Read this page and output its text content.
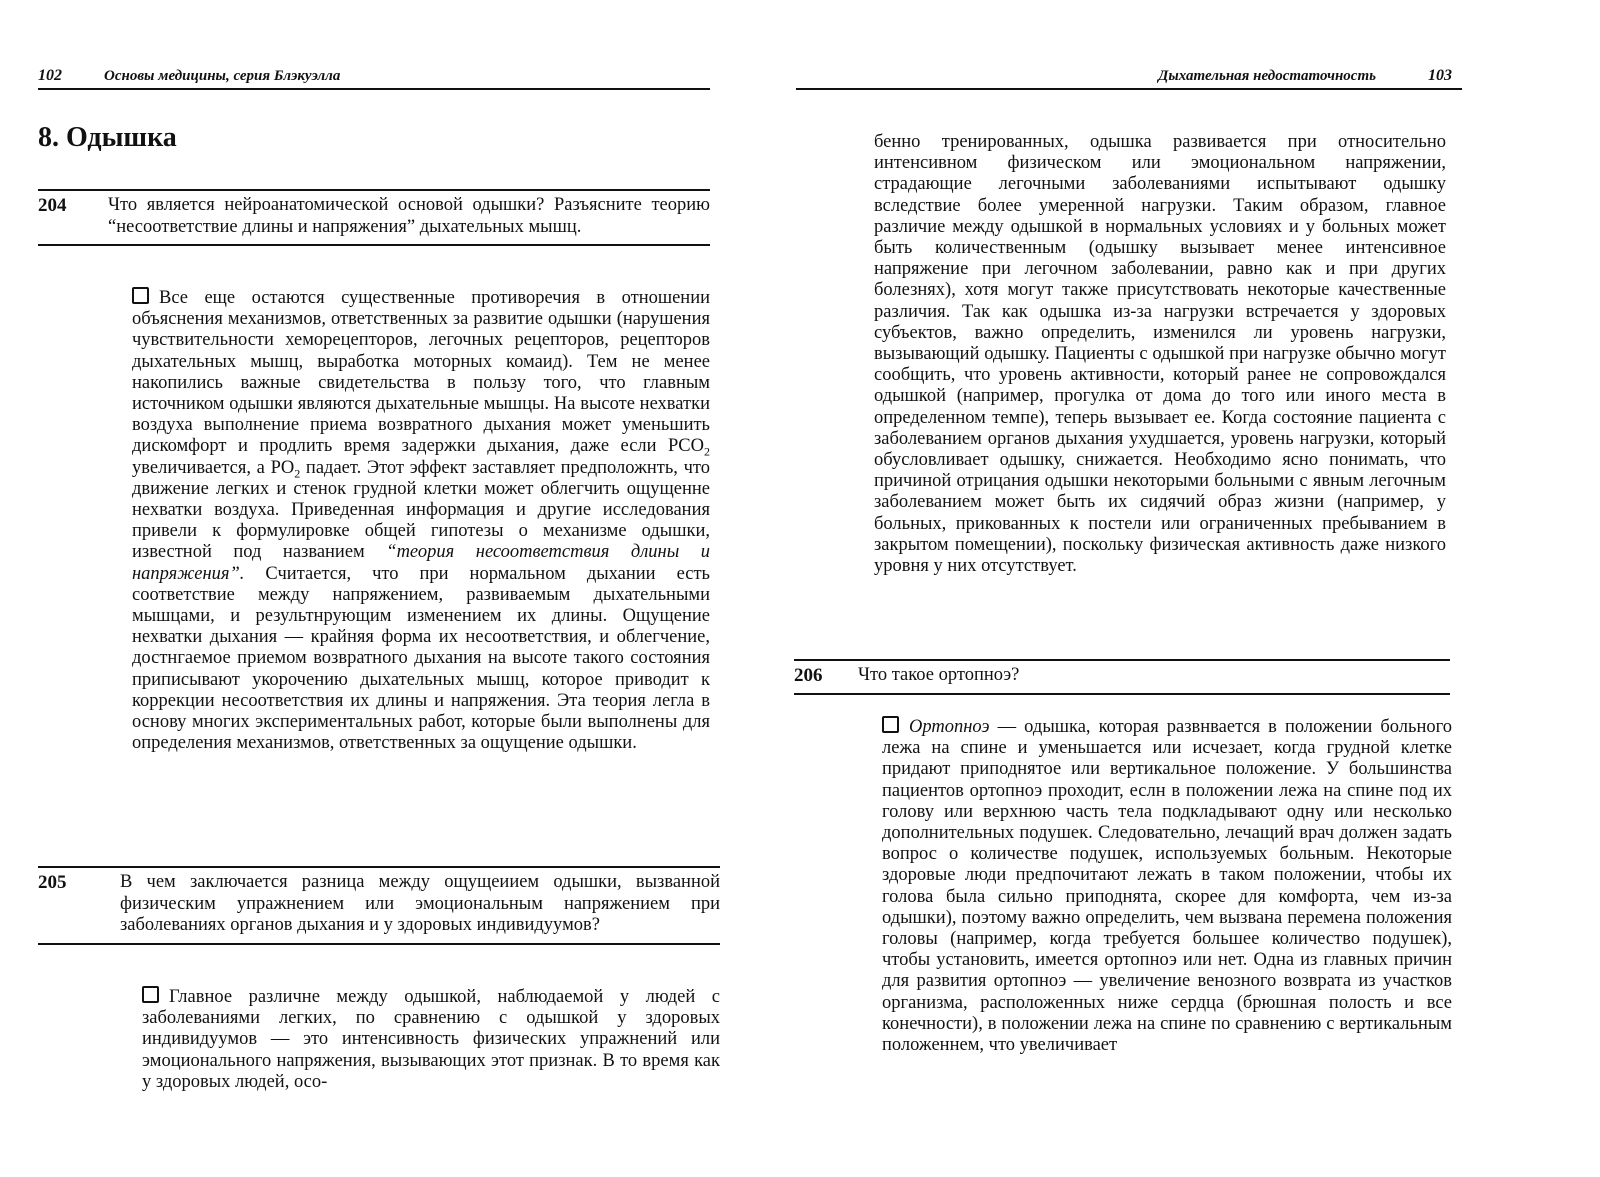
102	Основы медицины, серия Блэкуэлла
8. Одышка
204 Что является нейроанатомической основой одышки? Разъясните теорию “несоответствие длины и напряжения” дыхательных мышц.
Все еще остаются существенные противоречия в отношении объяснения механизмов, ответственных за развитие одышки (нарушения чувствительности хеморецепторов, легочных рецепторов, рецепторов дыхательных мышц, выработка моторных комаид). Тем не менее накопились важные свидетельства в пользу того, что главным источником одышки являются дыхательные мышцы. На высоте нехватки воздуха выполнение приема возвратного дыхания может уменьшить дискомфорт и продлить время задержки дыхания, даже если $PCO_2$ увеличивается, а $PO_2$ падает. Этот эффект заставляет предположнть, что движение легких и стенок грудной клетки может облегчить ощущенне нехватки воздуха. Приведенная информация и другие исследования привели к формулировке общей гипотезы о механизме одышки, известной под названием “теория несоответствия длины и напряжения”. Считается, что при нормальном дыхании есть соответствие между напряжением, развиваемым дыхательными мышцами, и результнрующим изменением их длины. Ощущение нехватки дыхания — крайняя форма их несоответствия, и облегчение, достнгаемое приемом возвратного дыхания на высоте такого состояния приписывают укорочению дыхательных мышц, которое приводит к коррекции несоответствия их длины и напряжения. Эта теория легла в основу многих экспериментальных работ, которые были выполнены для определения механизмов, ответственных за ощущение одышки.
205	В чем заключается разница между ощущеиием одышки, вызванной физическим упражнением или эмоциональным напряжением при заболеваниях органов дыхания и у здоровых индивидуумов?
Главное различне между одышкой, наблюдаемой у людей с заболеваниями легких, по сравнению с одышкой у здоровых индивидуумов — это интенсивность физических упражнений или эмоционального напряжения, вызывающих этот признак. В то время как у здоровых людей, осо-
Дыхательная недостаточность	103
бенно тренированных, одышка развивается при относительно интенсивном физическом или эмоциональном напряжении, страдающие легочными заболеваниями испытывают одышку вследствие более умеренной нагрузки. Таким образом, главное различие между одышкой в нормальных условиях и у больных может быть количественным (одышку вызывает менее интенсивное напряжение при легочном заболевании, равно как и при других болезнях), хотя могут также присутствовать некоторые качественные различия. Так как одышка из-за нагрузки встречается у здоровых субъектов, важно определить, изменился ли уровень нагрузки, вызывающий одышку. Пациенты с одышкой при нагрузке обычно могут сообщить, что уровень активности, который ранее не сопровождался одышкой (например, прогулка от дома до того или иного места в определенном темпе), теперь вызывает ее. Когда состояние пациента с заболеванием органов дыхания ухудшается, уровень нагрузки, который обусловливает одышку, снижается. Необходимо ясно понимать, что причиной отрицания одышки некоторыми больными с явным легочным заболеванием может быть их сидячий образ жизни (например, у больных, прикованных к постели или ограниченных пребыванием в закрытом помещении), поскольку физическая активность даже низкого уровня у них отсутствует.
206 Что такое ортопноэ?
Ортопноэ — одышка, которая развнвается в положении больного лежа на спине и уменьшается или исчезает, когда грудной клетке придают приподнятое или вертикальное положение. У большинства пациентов ортопноэ проходит, еслн в положении лежа на спине под их голову или верхнюю часть тела подкладывают одну или несколько дополнительных подушек. Следовательно, лечащий врач должен задать вопрос о количестве подушек, используемых больным. Некоторые здоровые люди предпочитают лежать в таком положении, чтобы их голова была сильно приподнята, скорее для комфорта, чем из-за одышки), поэтому важно определить, чем вызвана перемена положения головы (например, когда требуется большее количество подушек), чтобы установить, имеется ортопноэ или нет. Одна из главных причин для развития ортопноэ — увеличение венозного возврата из участков организма, расположенных ниже сердца (брюшная полость и все конечности), в положении лежа на спине по сравнению с вертикальным положеннем, что увеличивает
